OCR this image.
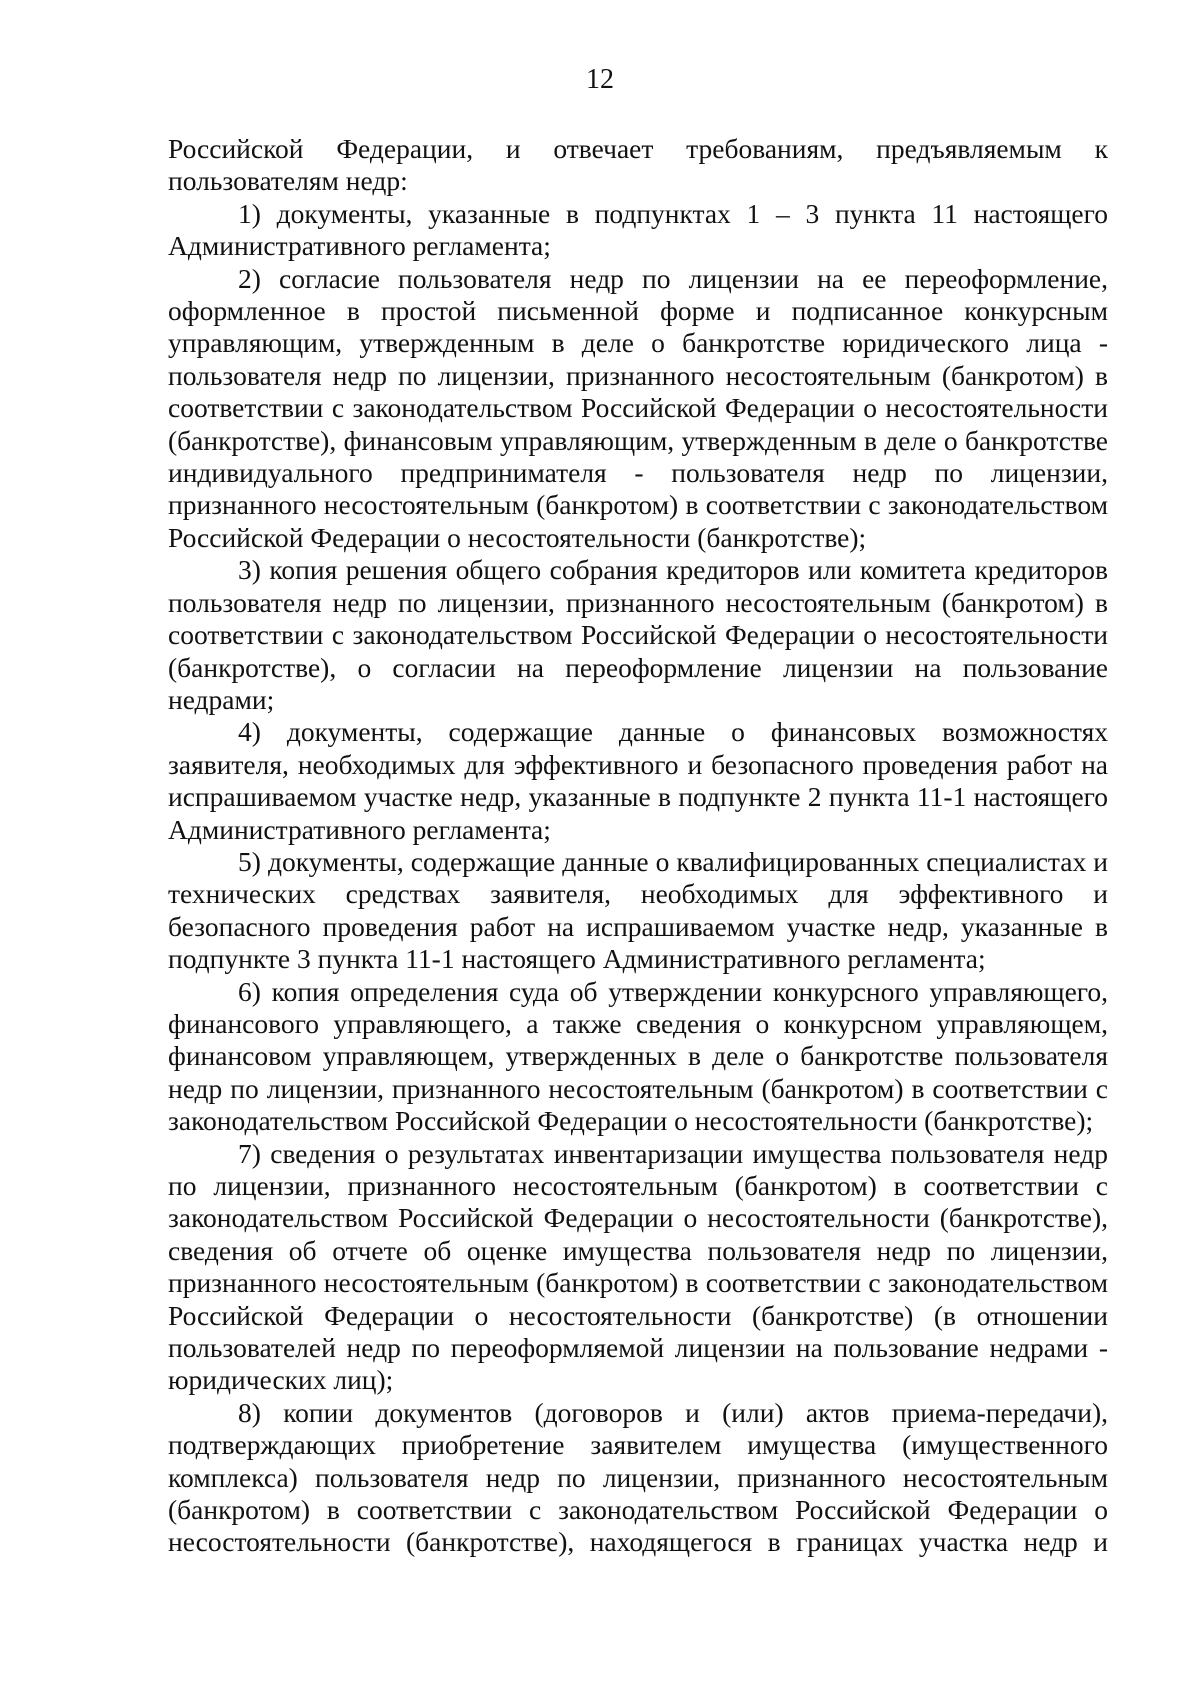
12

Российской Федерации, и отвечает требованиям, предъявляемым к пользователям недр:

1) документы, указанные в подпунктах 1 – 3 пункта 11 настоящего Административного регламента;

2) согласие пользователя недр по лицензии на ее переоформление, оформленное в простой письменной форме и подписанное конкурсным управляющим, утвержденным в деле о банкротстве юридического лица - пользователя недр по лицензии, признанного несостоятельным (банкротом) в соответствии с законодательством Российской Федерации о несостоятельности (банкротстве), финансовым управляющим, утвержденным в деле о банкротстве индивидуального предпринимателя - пользователя недр по лицензии, признанного несостоятельным (банкротом) в соответствии с законодательством Российской Федерации о несостоятельности (банкротстве);

3) копия решения общего собрания кредиторов или комитета кредиторов пользователя недр по лицензии, признанного несостоятельным (банкротом) в соответствии с законодательством Российской Федерации о несостоятельности (банкротстве), о согласии на переоформление лицензии на пользование недрами;

4) документы, содержащие данные о финансовых возможностях заявителя, необходимых для эффективного и безопасного проведения работ на испрашиваемом участке недр, указанные в подпункте 2 пункта 11-1 настоящего Административного регламента;

5) документы, содержащие данные о квалифицированных специалистах и технических средствах заявителя, необходимых для эффективного и безопасного проведения работ на испрашиваемом участке недр, указанные в подпункте 3 пункта 11-1 настоящего Административного регламента;

6) копия определения суда об утверждении конкурсного управляющего, финансового управляющего, а также сведения о конкурсном управляющем, финансовом управляющем, утвержденных в деле о банкротстве пользователя недр по лицензии, признанного несостоятельным (банкротом) в соответствии с законодательством Российской Федерации о несостоятельности (банкротстве);

7) сведения о результатах инвентаризации имущества пользователя недр по лицензии, признанного несостоятельным (банкротом) в соответствии с законодательством Российской Федерации о несостоятельности (банкротстве), сведения об отчете об оценке имущества пользователя недр по лицензии, признанного несостоятельным (банкротом) в соответствии с законодательством Российской Федерации о несостоятельности (банкротстве) (в отношении пользователей недр по переоформляемой лицензии на пользование недрами - юридических лиц);

8) копии документов (договоров и (или) актов приема-передачи), подтверждающих приобретение заявителем имущества (имущественного комплекса) пользователя недр по лицензии, признанного несостоятельным (банкротом) в соответствии с законодательством Российской Федерации о несостоятельности (банкротстве), находящегося в границах участка недр и
